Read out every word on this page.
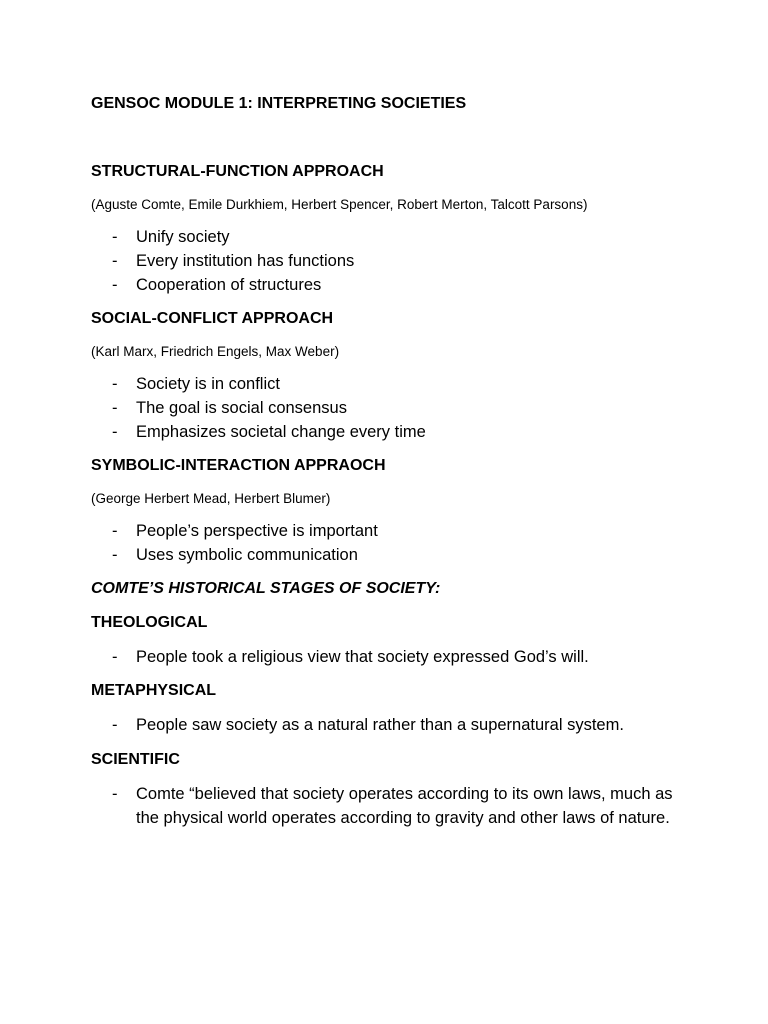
GENSOC MODULE 1: INTERPRETING SOCIETIES
STRUCTURAL-FUNCTION APPROACH
(Aguste Comte, Emile Durkhiem, Herbert Spencer, Robert Merton, Talcott Parsons)
- Unify society
- Every institution has functions
- Cooperation of structures
SOCIAL-CONFLICT APPROACH
(Karl Marx, Friedrich Engels, Max Weber)
- Society is in conflict
- The goal is social consensus
- Emphasizes societal change every time
SYMBOLIC-INTERACTION APPRAOCH
(George Herbert Mead, Herbert Blumer)
- People’s perspective is important
- Uses symbolic communication
COMTE’S HISTORICAL STAGES OF SOCIETY:
THEOLOGICAL
- People took a religious view that society expressed God’s will.
METAPHYSICAL
- People saw society as a natural rather than a supernatural system.
SCIENTIFIC
- Comte “believed that society operates according to its own laws, much as the physical world operates according to gravity and other laws of nature.
